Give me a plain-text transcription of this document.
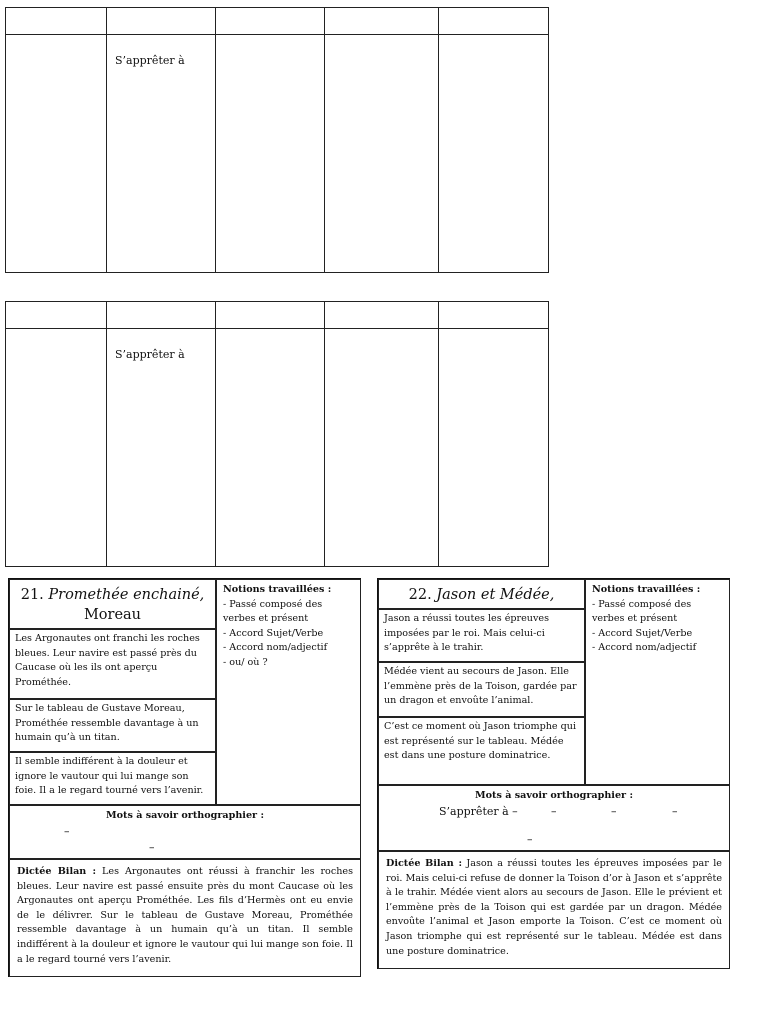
	S’apprêter à			

	S’apprêter à			
21. Promethée enchainé,
Moreau
Les Argonautes ont franchi les roches bleues. Leur navire est passé près du Caucase où les ils ont aperçu Prométhée.
Sur le tableau de Gustave Moreau, Prométhée ressemble davantage à un humain qu’à un titan.
Il semble indifférent à la douleur et ignore le vautour qui lui mange son foie. Il a le regard tourné vers l’avenir.
Notions travaillées :
- Passé composé des verbes et présent
- Accord Sujet/Verbe
- Accord nom/adjectif
- ou/ où ?
Mots à savoir orthographier :
–
–
Dictée Bilan : Les Argonautes ont réussi à franchir les roches bleues. Leur navire est passé ensuite près du mont Caucase où les Argonautes ont aperçu Prométhée. Les fils d’Hermès ont eu envie de le délivrer. Sur le tableau de Gustave Moreau, Prométhée ressemble davantage à un humain qu’à un titan. Il semble indifférent à la douleur et ignore le vautour qui lui mange son foie. Il a le regard tourné vers l’avenir.
22. Jason et Médée,
Jason a réussi toutes les épreuves imposées par le roi. Mais celui-ci s’apprête à le trahir.
Médée vient au secours de Jason. Elle l’emmène près de la Toison, gardée par un dragon et envoûte l’animal.
C’est ce moment où Jason triomphe qui est représenté sur le tableau. Médée est dans une posture dominatrice.
Notions travaillées :
- Passé composé des verbes et présent
- Accord Sujet/Verbe
- Accord nom/adjectif
Mots à savoir orthographier :
S’apprêter à –	–	–	–
–
Dictée Bilan : Jason a réussi toutes les épreuves imposées par le roi. Mais celui-ci refuse de donner la Toison d’or à Jason et s’apprête à le trahir. Médée vient alors au secours de Jason. Elle le prévient et l’emmène près de la Toison qui est gardée par un dragon. Médée envoûte l’animal et Jason emporte la Toison. C’est ce moment où Jason triomphe qui est représenté sur le tableau. Médée est dans une posture dominatrice.
